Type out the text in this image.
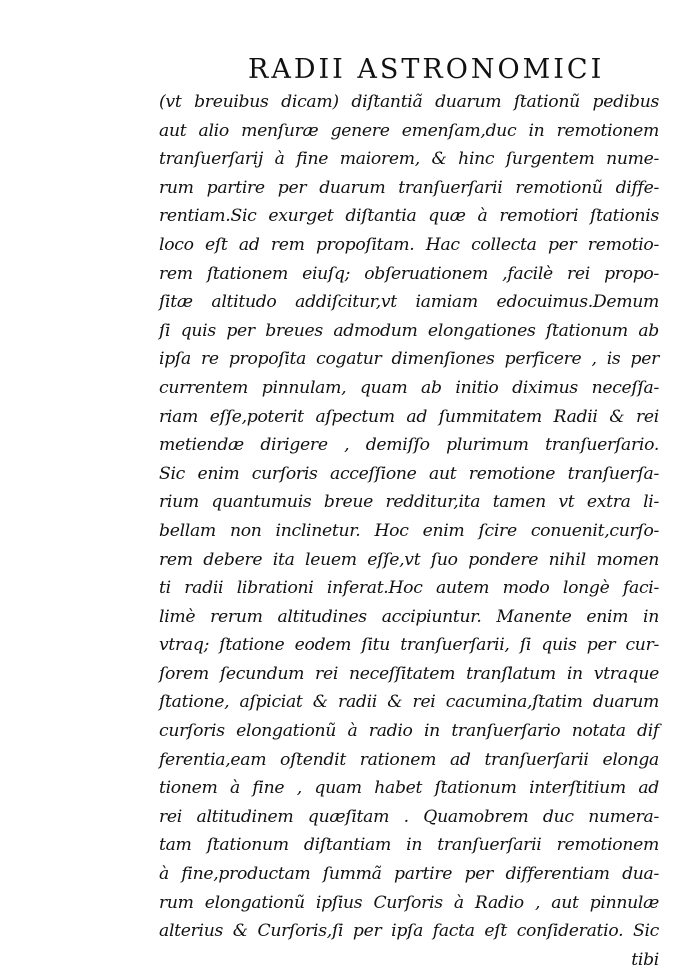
RADII ASTRONOMICI
(vt breuibus dicam) diſtantiã duarum ſtationũ pedibus
aut alio menſuræ genere emenſam,duc in remotionem
tranſuerſarij à fine maiorem, & hinc ſurgentem nume-
rum partire per duarum tranſuerſarii remotionũ diffe-
rentiam.Sic exurget diſtantia quæ à remotiori ſtationis
loco eſt ad rem propoſitam. Hac collecta per remotio-
rem ſtationem eiuſq; obſeruationem ,facilè rei propo-
ſitæ altitudo addiſcitur,vt iamiam edocuimus.Demum
ſi quis per breues admodum elongationes ſtationum ab
ipſa re propoſita cogatur dimenſiones perficere , is per
currentem pinnulam, quam ab initio diximus neceſſa-
riam eſſe,poterit aſpectum ad ſummitatem Radii & rei
metiendæ dirigere , demiſſo plurimum tranſuerſario.
Sic enim curſoris acceſſione aut remotione tranſuerſa-
rium quantumuis breue redditur,ita tamen vt extra li-
bellam non inclinetur. Hoc enim ſcire conuenit,curſo-
rem debere ita leuem eſſe,vt ſuo pondere nihil momen
ti radii librationi inferat.Hoc autem modo longè faci-
limè rerum altitudines accipiuntur. Manente enim in
vtraq; ſtatione eodem ſitu tranſuerſarii, ſi quis per cur-
ſorem ſecundum rei neceſſitatem tranſlatum in vtraque
ſtatione, aſpiciat & radii & rei cacumina,ſtatim duarum
curſoris elongationũ à radio in tranſuerſario notata dif
ferentia,eam oſtendit rationem ad tranſuerſarii elonga
tionem à fine , quam habet ſtationum interſtitium ad
rei altitudinem quæſitam . Quamobrem duc numera-
tam ſtationum diſtantiam in tranſuerſarii remotionem
à fine,productam ſummã partire per differentiam dua-
rum elongationũ ipſius Curſoris à Radio , aut pinnulæ
alterius & Curſoris,ſi per ipſa facta eſt conſideratio. Sic
tibi
